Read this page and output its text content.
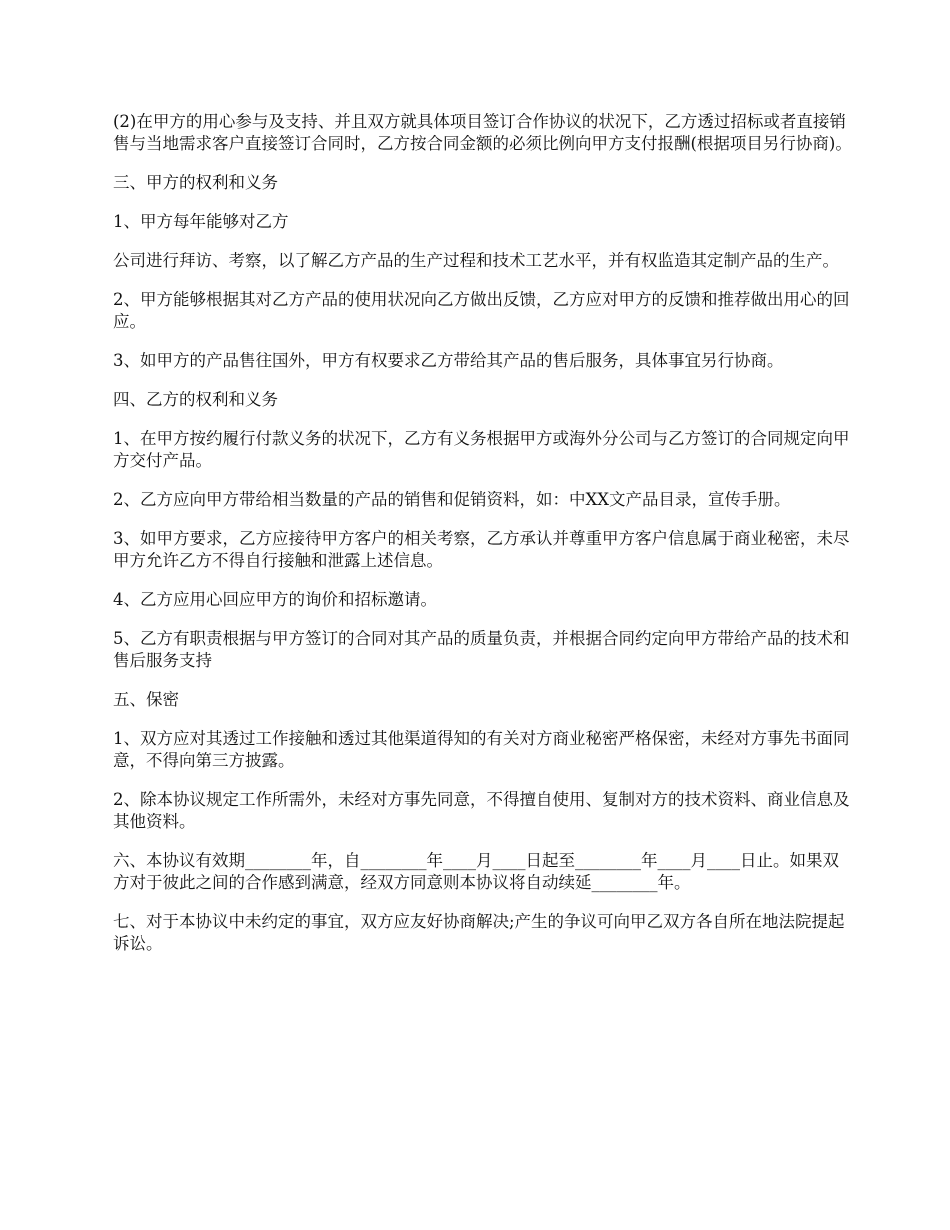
(2)在甲方的用心参与及支持、并且双方就具体项目签订合作协议的状况下，乙方透过招标或者直接销售与当地需求客户直接签订合同时，乙方按合同金额的必须比例向甲方支付报酬(根据项目另行协商)。

三、甲方的权利和义务

1、甲方每年能够对乙方

公司进行拜访、考察，以了解乙方产品的生产过程和技术工艺水平，并有权监造其定制产品的生产。

2、甲方能够根据其对乙方产品的使用状况向乙方做出反馈，乙方应对甲方的反馈和推荐做出用心的回应。

3、如甲方的产品售往国外，甲方有权要求乙方带给其产品的售后服务，具体事宜另行协商。

四、乙方的权利和义务

1、在甲方按约履行付款义务的状况下，乙方有义务根据甲方或海外分公司与乙方签订的合同规定向甲方交付产品。

2、乙方应向甲方带给相当数量的产品的销售和促销资料，如：中XX文产品目录，宣传手册。

3、如甲方要求，乙方应接待甲方客户的相关考察，乙方承认并尊重甲方客户信息属于商业秘密，未尽甲方允许乙方不得自行接触和泄露上述信息。

4、乙方应用心回应甲方的询价和招标邀请。

5、乙方有职责根据与甲方签订的合同对其产品的质量负责，并根据合同约定向甲方带给产品的技术和售后服务支持

五、保密

1、双方应对其透过工作接触和透过其他渠道得知的有关对方商业秘密严格保密，未经对方事先书面同意，不得向第三方披露。

2、除本协议规定工作所需外，未经对方事先同意，不得擅自使用、复制对方的技术资料、商业信息及其他资料。

六、本协议有效期________年，自________年____月____日起至________年____月____日止。如果双方对于彼此之间的合作感到满意，经双方同意则本协议将自动续延________年。

七、对于本协议中未约定的事宜，双方应友好协商解决;产生的争议可向甲乙双方各自所在地法院提起诉讼。
